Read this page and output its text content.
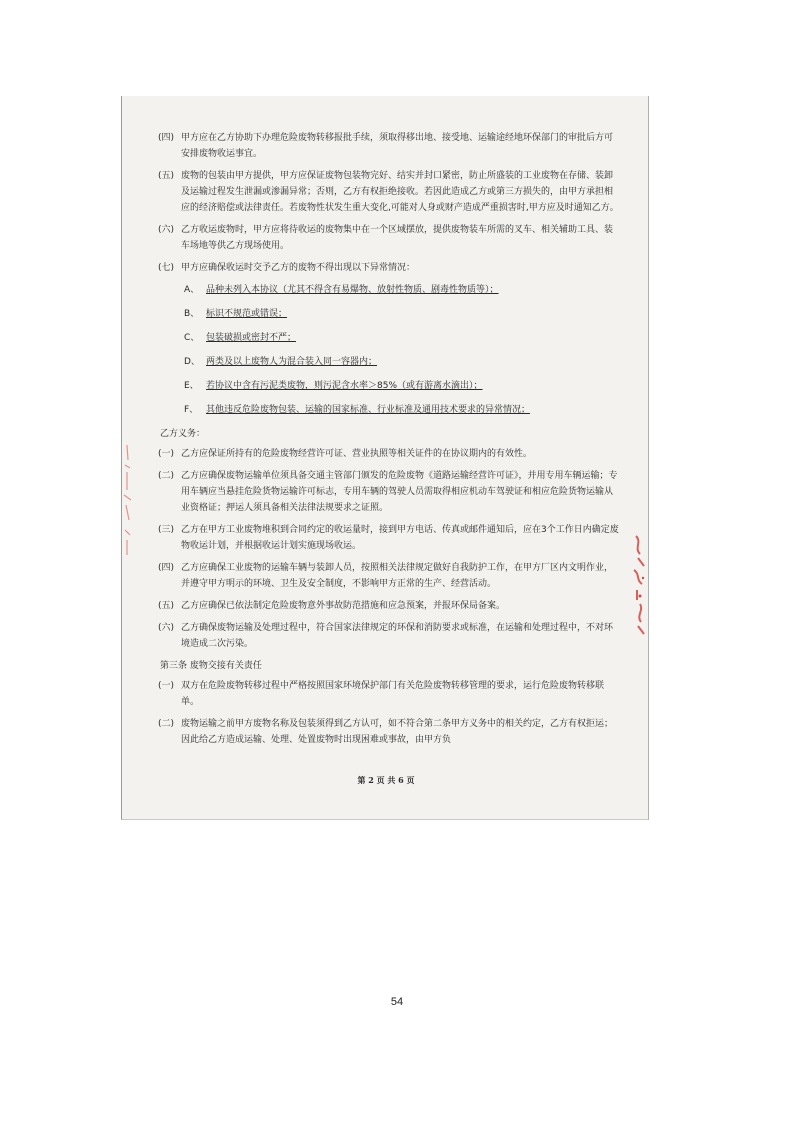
(四) 甲方应在乙方协助下办理危险废物转移报批手续，须取得移出地、接受地、运输途经地环保部门的审批后方可安排废物收运事宜。
(五) 废物的包装由甲方提供，甲方应保证废物包装物完好、结实并封口紧密，防止所盛装的工业废物在存储、装卸及运输过程发生泄漏或渗漏异常；否则，乙方有权拒绝接收。若因此造成乙方或第三方损失的，由甲方承担相应的经济赔偿或法律责任。若废物性状发生重大变化,可能对人身或财产造成严重损害时,甲方应及时通知乙方。
(六) 乙方收运废物时，甲方应将待收运的废物集中在一个区域摆放，提供废物装车所需的叉车、相关辅助工具、装车场地等供乙方现场使用。
(七) 甲方应确保收运时交予乙方的废物不得出现以下异常情况：
A、 品种未列入本协议（尤其不得含有易爆物、放射性物质、剧毒性物质等）；
B、 标识不规范或错误；
C、 包装破损或密封不严；
D、 两类及以上废物人为混合装入同一容器内；
E、 若协议中含有污泥类废物，则污泥含水率＞85%（或有游离水滴出）；
F、 其他违反危险废物包装、运输的国家标准、行业标准及通用技术要求的异常情况；
乙方义务：
(一) 乙方应保证所持有的危险废物经营许可证、营业执照等相关证件的在协议期内的有效性。
(二) 乙方应确保废物运输单位须具备交通主管部门颁发的危险废物《道路运输经营许可证》，并用专用车辆运输；专用车辆应当悬挂危险货物运输许可标志，专用车辆的驾驶人员需取得相应机动车驾驶证和相应危险货物运输从业资格证；押运人须具备相关法律法规要求之证照。
(三) 乙方在甲方工业废物堆积到合同约定的收运量时，接到甲方电话、传真或邮件通知后，应在3个工作日内确定废物收运计划，并根据收运计划实施现场收运。
(四) 乙方应确保工业废物的运输车辆与装卸人员，按照相关法律规定做好自我防护工作，在甲方厂区内文明作业，并遵守甲方明示的环境、卫生及安全制度，不影响甲方正常的生产、经营活动。
(五) 乙方应确保已依法制定危险废物意外事故防范措施和应急预案，并报环保局备案。
(六) 乙方确保废物运输及处理过程中，符合国家法律规定的环保和消防要求或标准，在运输和处理过程中，不对环境造成二次污染。
第三条 废物交接有关责任
(一) 双方在危险废物转移过程中严格按照国家环境保护部门有关危险废物转移管理的要求，运行危险废物转移联单。
(二) 废物运输之前甲方废物名称及包装须得到乙方认可，如不符合第二条甲方义务中的相关约定，乙方有权拒运；因此给乙方造成运输、处理、处置废物时出现困难或事故，由甲方负
第 2 页 共 6 页
54
